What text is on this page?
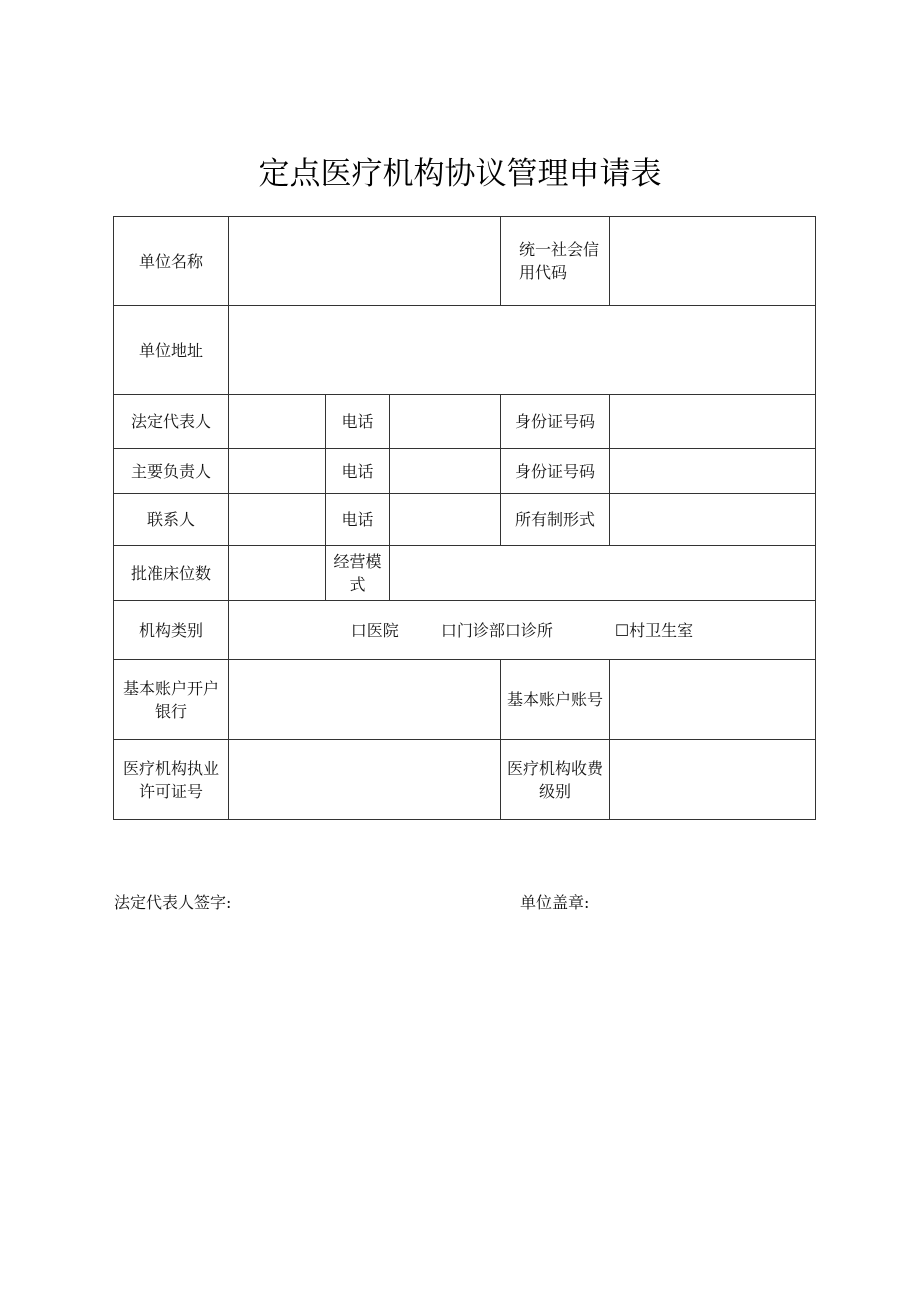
定点医疗机构协议管理申请表
单位名称				统一社会信用代码	
单位地址					
法定代表人		电话		身份证号码	
主要负责人		电话		身份证号码	
联系人		电话		所有制形式	
批准床位数		经营模式			
机构类别	口医院 口门诊部口诊所 ☐村卫生室				

基本账户开户银行				基本账户账号	
医疗机构执业许可证号				医疗机构收费级别	
法定代表人签字:	单位盖章:
